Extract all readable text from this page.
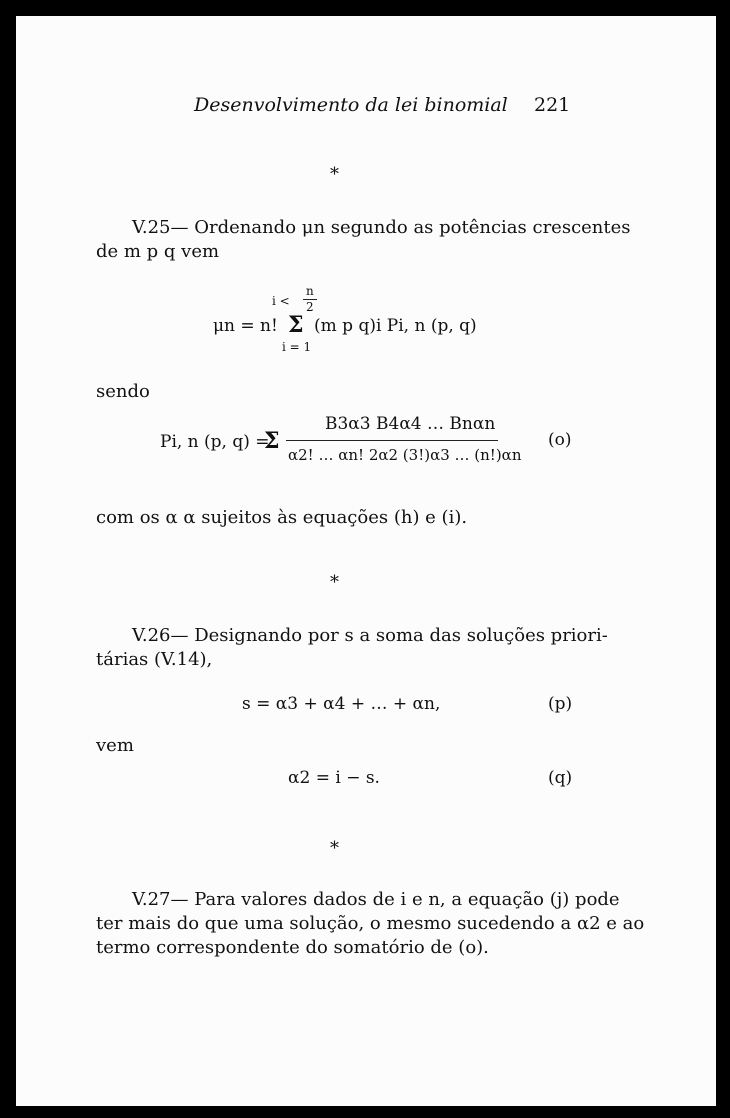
Desenvolvimento da lei binomial 221
*
V.25— Ordenando μn segundo as potências crescentes
de m p q vem
i <
n
2
μn = n! Σ (m p q)i Pi, n (p, q)
i = 1
sendo
B3α3 B4α4 … Bnαn
Pi, n (p, q) =
Σ
α2! … αn! 2α2 (3!)α3 … (n!)αn
(o)
com os α α sujeitos às equações (h) e (i).
*
V.26— Designando por s a soma das soluções priori-
tárias (V.14),
s = α3 + α4 + … + αn,	(p)
vem
α2 = i − s.	(q)
*
V.27— Para valores dados de i e n, a equação (j) pode
ter mais do que uma solução, o mesmo sucedendo a α2 e ao
termo correspondente do somatório de (o).
